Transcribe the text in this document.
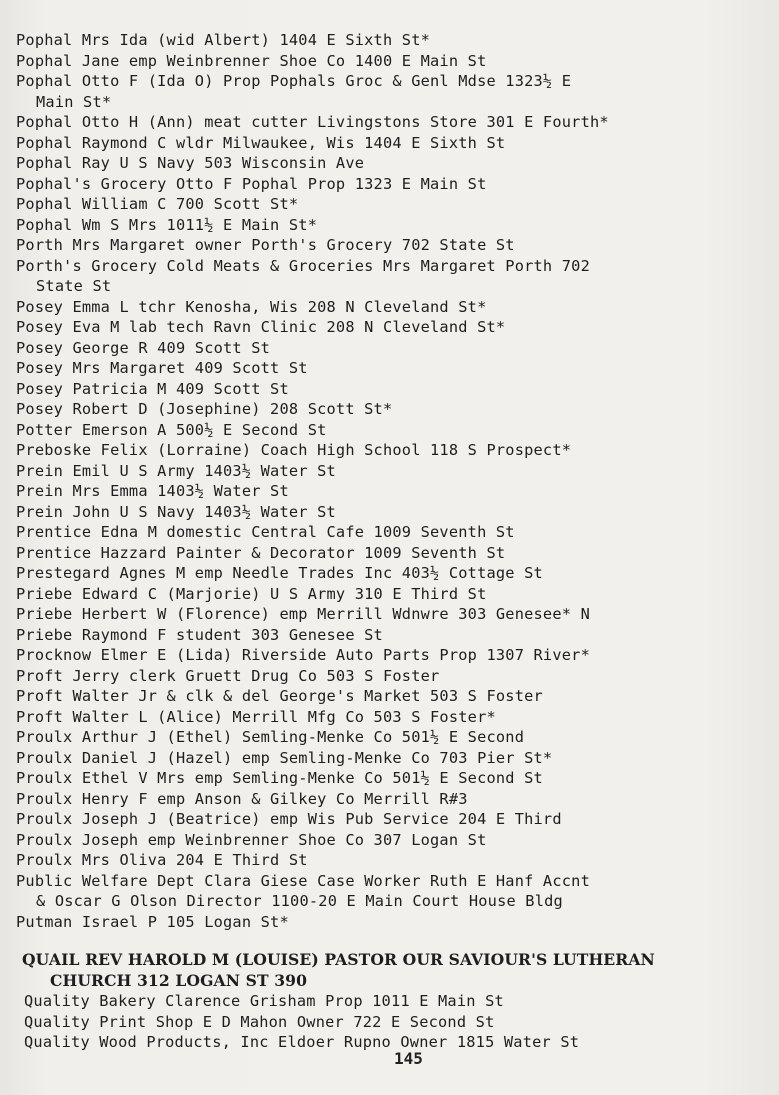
Pophal Mrs Ida (wid Albert) 1404 E Sixth St*
Pophal Jane emp Weinbrenner Shoe Co 1400 E Main St
Pophal Otto F (Ida O) Prop Pophals Groc & Genl Mdse 1323½ E
Main St*
Pophal Otto H (Ann) meat cutter Livingstons Store 301 E Fourth*
Pophal Raymond C wldr Milwaukee, Wis 1404 E Sixth St
Pophal Ray U S Navy 503 Wisconsin Ave
Pophal's Grocery Otto F Pophal Prop 1323 E Main St
Pophal William C 700 Scott St*
Pophal Wm S Mrs 1011½ E Main St*
Porth Mrs Margaret owner Porth's Grocery 702 State St
Porth's Grocery Cold Meats & Groceries Mrs Margaret Porth 702
State St
Posey Emma L tchr Kenosha, Wis 208 N Cleveland St*
Posey Eva M lab tech Ravn Clinic 208 N Cleveland St*
Posey George R 409 Scott St
Posey Mrs Margaret 409 Scott St
Posey Patricia M 409 Scott St
Posey Robert D (Josephine) 208 Scott St*
Potter Emerson A 500½ E Second St
Preboske Felix (Lorraine) Coach High School 118 S Prospect*
Prein Emil U S Army 1403½ Water St
Prein Mrs Emma 1403½ Water St
Prein John U S Navy 1403½ Water St
Prentice Edna M domestic Central Cafe 1009 Seventh St
Prentice Hazzard Painter & Decorator 1009 Seventh St
Prestegard Agnes M emp Needle Trades Inc 403½ Cottage St
Priebe Edward C (Marjorie) U S Army 310 E Third St
Priebe Herbert W (Florence) emp Merrill Wdnwre 303 Genesee* N
Priebe Raymond F student 303 Genesee St
Procknow Elmer E (Lida) Riverside Auto Parts Prop 1307 River*
Proft Jerry clerk Gruett Drug Co 503 S Foster
Proft Walter Jr & clk & del George's Market 503 S Foster
Proft Walter L (Alice) Merrill Mfg Co 503 S Foster*
Proulx Arthur J (Ethel) Semling-Menke Co 501½ E Second
Proulx Daniel J (Hazel) emp Semling-Menke Co 703 Pier St*
Proulx Ethel V Mrs emp Semling-Menke Co 501½ E Second St
Proulx Henry F emp Anson & Gilkey Co Merrill R#3
Proulx Joseph J (Beatrice) emp Wis Pub Service 204 E Third
Proulx Joseph emp Weinbrenner Shoe Co 307 Logan St
Proulx Mrs Oliva 204 E Third St
Public Welfare Dept Clara Giese Case Worker Ruth E Hanf Accnt
& Oscar G Olson Director 1100-20 E Main Court House Bldg
Putman Israel P 105 Logan St*
QUAIL REV HAROLD M (LOUISE) PASTOR OUR SAVIOUR'S LUTHERAN
CHURCH 312 LOGAN ST 390
Quality Bakery Clarence Grisham Prop 1011 E Main St
Quality Print Shop E D Mahon Owner 722 E Second St
Quality Wood Products, Inc Eldoer Rupno Owner 1815 Water St
145
